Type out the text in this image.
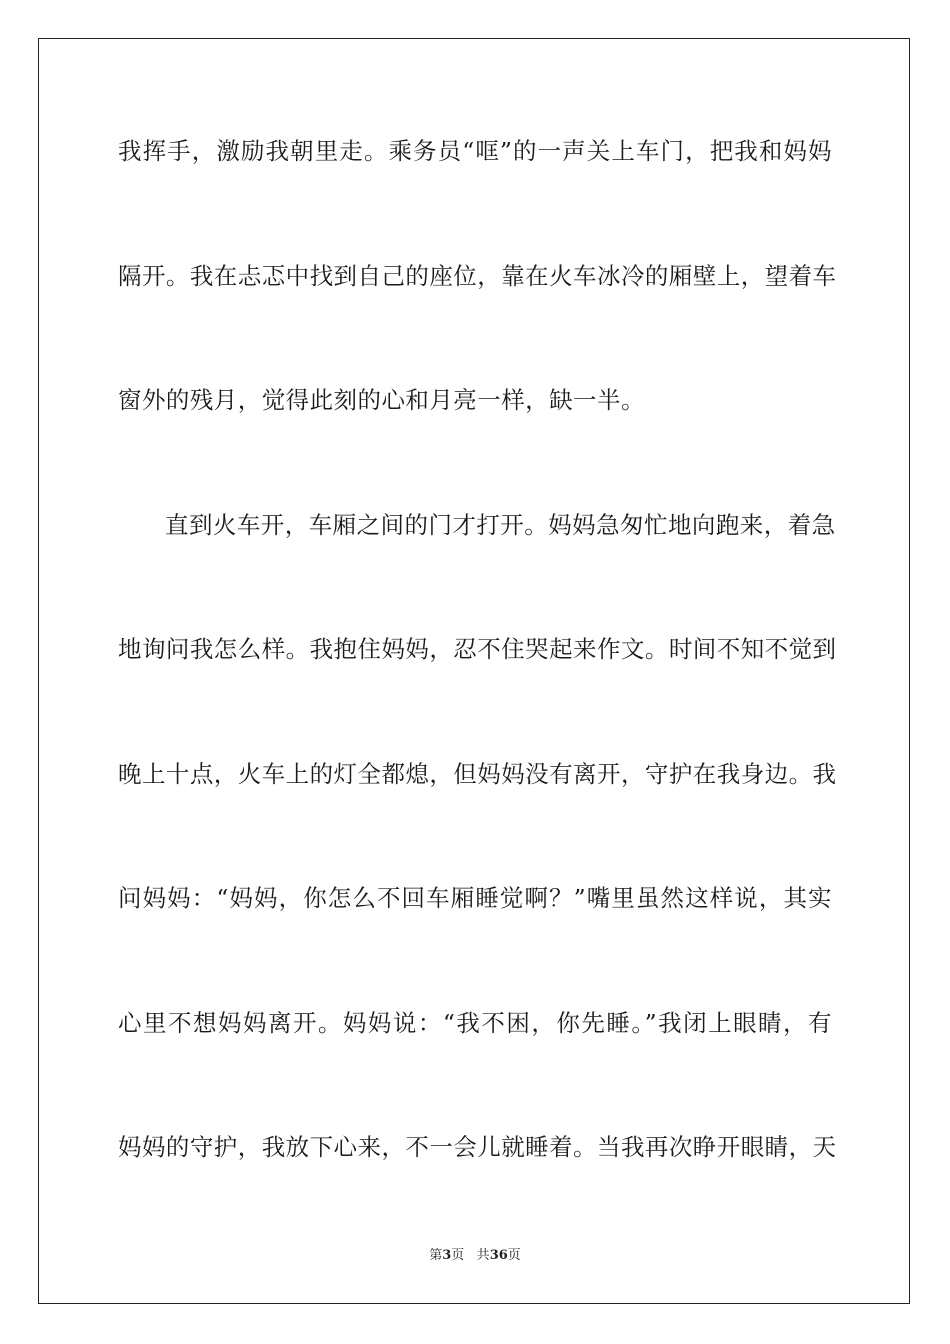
我挥手，激励我朝里走。乘务员“哐”的一声关上车门，把我和妈妈
隔开。我在忐忑中找到自己的座位，靠在火车冰冷的厢壁上，望着车
窗外的残月，觉得此刻的心和月亮一样，缺一半。
直到火车开，车厢之间的门才打开。妈妈急匆忙地向跑来，着急
地询问我怎么样。我抱住妈妈，忍不住哭起来作文。时间不知不觉到
晚上十点，火车上的灯全都熄，但妈妈没有离开，守护在我身边。我
问妈妈：“妈妈，你怎么不回车厢睡觉啊？”嘴里虽然这样说，其实
心里不想妈妈离开。妈妈说：“我不困，你先睡。”我闭上眼睛，有
妈妈的守护，我放下心来，不一会儿就睡着。当我再次睁开眼睛，天
第3页 共36页
